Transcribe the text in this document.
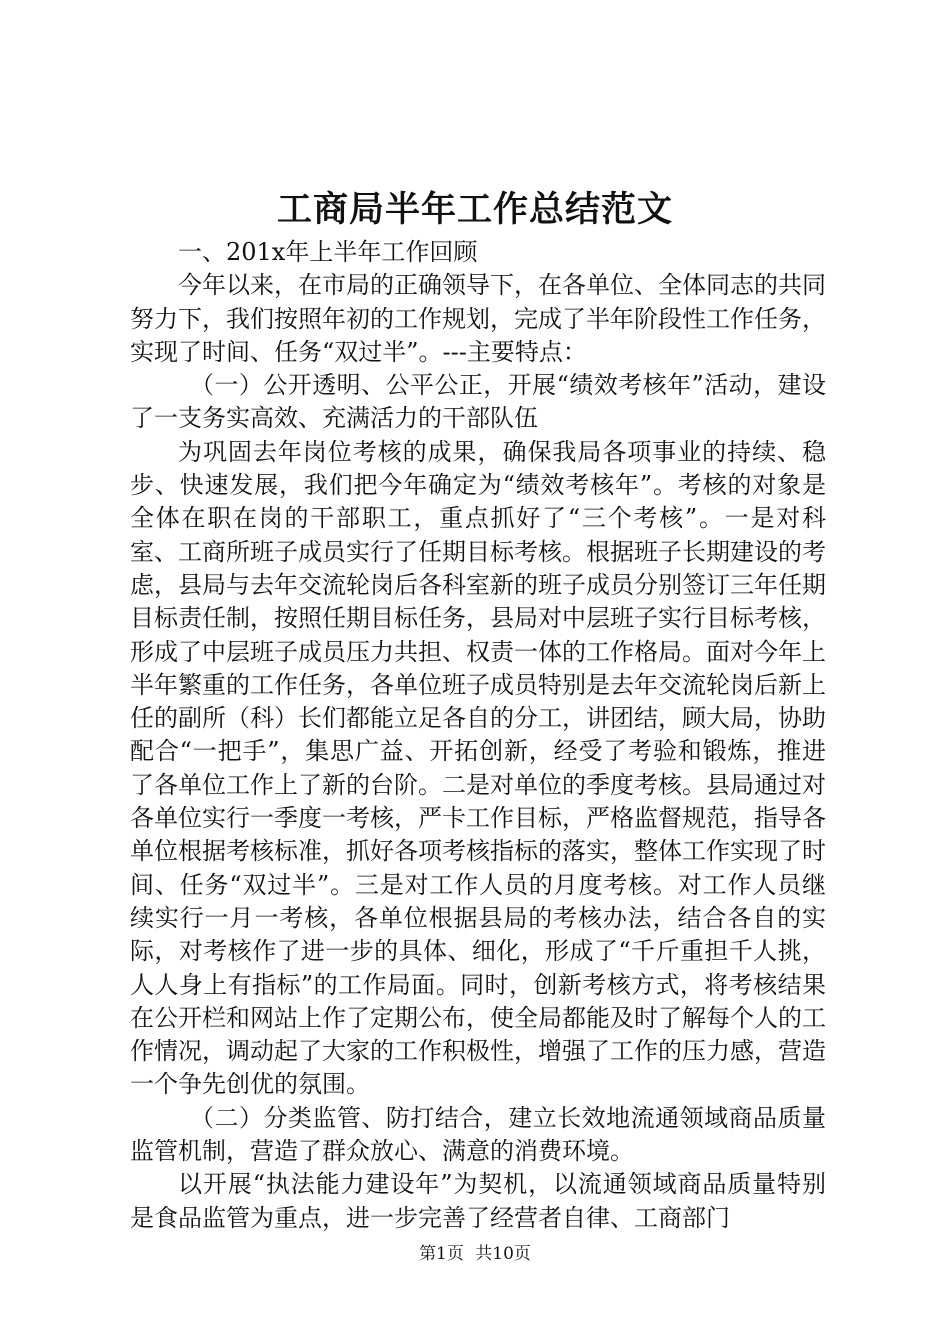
工商局半年工作总结范文

一、201x年上半年工作回顾

今年以来，在市局的正确领导下，在各单位、全体同志的共同努力下，我们按照年初的工作规划，完成了半年阶段性工作任务，实现了时间、任务“双过半”。---主要特点：

（一）公开透明、公平公正，开展“绩效考核年”活动，建设了一支务实高效、充满活力的干部队伍

为巩固去年岗位考核的成果，确保我局各项事业的持续、稳步、快速发展，我们把今年确定为“绩效考核年”。考核的对象是全体在职在岗的干部职工，重点抓好了“三个考核”。一是对科室、工商所班子成员实行了任期目标考核。根据班子长期建设的考虑，县局与去年交流轮岗后各科室新的班子成员分别签订三年任期目标责任制，按照任期目标任务，县局对中层班子实行目标考核，形成了中层班子成员压力共担、权责一体的工作格局。面对今年上半年繁重的工作任务，各单位班子成员特别是去年交流轮岗后新上任的副所（科）长们都能立足各自的分工，讲团结，顾大局，协助配合“一把手”，集思广益、开拓创新，经受了考验和锻炼，推进了各单位工作上了新的台阶。二是对单位的季度考核。县局通过对各单位实行一季度一考核，严卡工作目标，严格监督规范，指导各单位根据考核标准，抓好各项考核指标的落实，整体工作实现了时间、任务“双过半”。三是对工作人员的月度考核。对工作人员继续实行一月一考核，各单位根据县局的考核办法，结合各自的实际，对考核作了进一步的具体、细化，形成了“千斤重担千人挑，人人身上有指标”的工作局面。同时，创新考核方式，将考核结果在公开栏和网站上作了定期公布，使全局都能及时了解每个人的工作情况，调动起了大家的工作积极性，增强了工作的压力感，营造一个争先创优的氛围。

（二）分类监管、防打结合，建立长效地流通领域商品质量监管机制，营造了群众放心、满意的消费环境。

以开展“执法能力建设年”为契机，以流通领域商品质量特别是食品监管为重点，进一步完善了经营者自律、工商部门

第1页 共10页
